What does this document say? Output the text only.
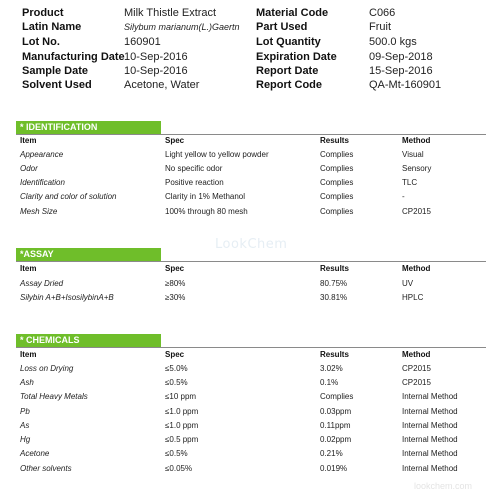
Product	Milk Thistle Extract
Latin Name	Silybum marianum(L.)Gaertn
Lot No.	160901
Manufacturing Date 10-Sep-2016
Sample Date	10-Sep-2016
Solvent Used	Acetone, Water
Material Code	C066
Part Used	Fruit
Lot Quantity	500.0 kgs
Expiration Date	09-Sep-2018
Report Date	15-Sep-2016
Report Code	QA-Mt-160901
* IDENTIFICATION
Item	Spec	Results	Method
Appearance	Light yellow to yellow powder	Complies	Visual
Odor	No specific odor	Complies	Sensory
Identification	Positive reaction	Complies	TLC
Clarity and color of solution	Clarity in 1% Methanol	Complies	-
Mesh Size	100% through 80 mesh	Complies	CP2015
*ASSAY
Item	Spec	Results	Method
Assay Dried	≥80%	80.75%	UV
Silybin A+B+IsosilybinA+B	≥30%	30.81%	HPLC
* CHEMICALS
Item	Spec	Results	Method
Loss on Drying	≤5.0%	3.02%	CP2015
Ash	≤0.5%	0.1%	CP2015
Total Heavy Metals	≤10 ppm	Complies	Internal Method
Pb	≤1.0 ppm	0.03ppm	Internal Method
As	≤1.0 ppm	0.11ppm	Internal Method
Hg	≤0.5 ppm	0.02ppm	Internal Method
Acetone	≤0.5%	0.21%	Internal Method
Other solvents	≤0.05%	0.019%	Internal Method
LookChem
lookchem.com
